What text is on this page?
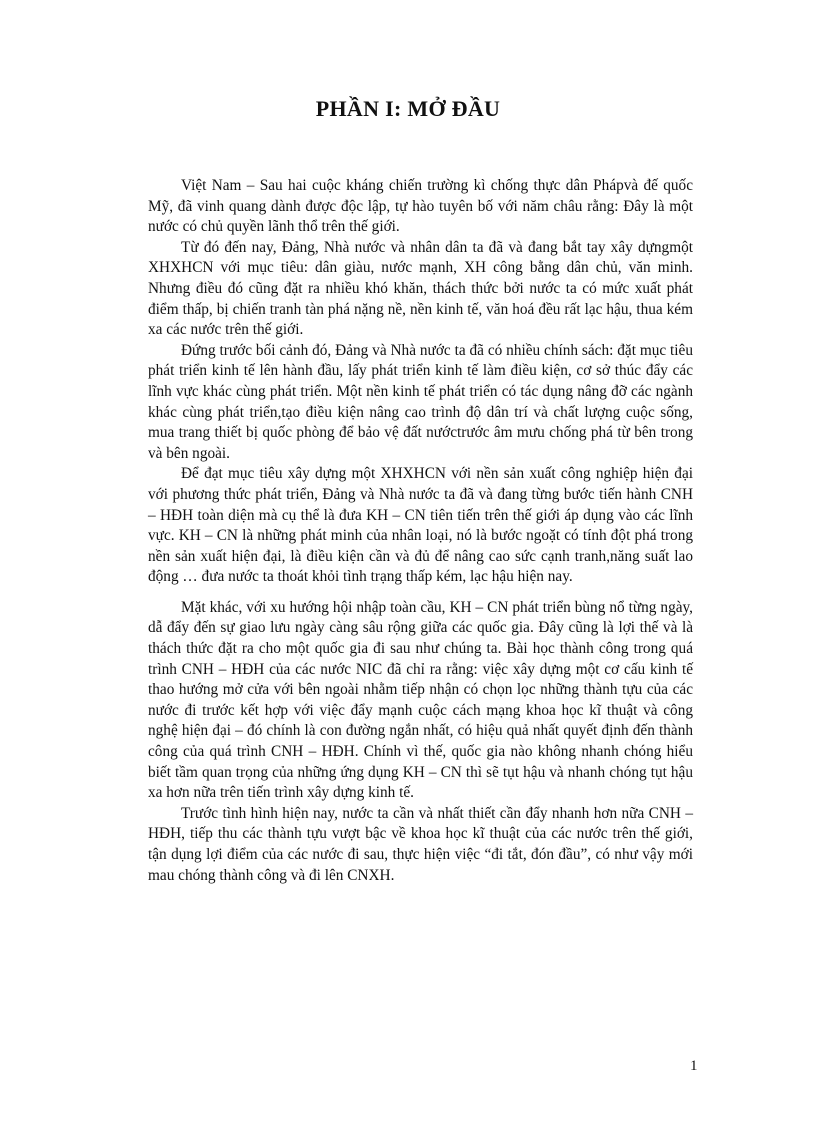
PHẦN I: MỞ ĐẦU

Việt Nam – Sau hai cuộc kháng chiến trường kì chống thực dân Phápvà đế quốc Mỹ, đã vinh quang dành được độc lập, tự hào tuyên bố với năm châu rằng: Đây là một nước có chủ quyền lãnh thổ trên thế giới.

Từ đó đến nay, Đảng, Nhà nước và nhân dân ta đã và đang bắt tay xây dựngmột XHXHCN với mục tiêu: dân giàu, nước mạnh, XH công bằng dân chủ, văn minh. Nhưng điều đó cũng đặt ra nhiều khó khăn, thách thức bởi nước ta có mức xuất phát điểm thấp, bị chiến tranh tàn phá nặng nề, nền kinh tế, văn hoá đều rất lạc hậu, thua kém xa các nước trên thế giới.

Đứng trước bối cảnh đó, Đảng và Nhà nước ta đã có nhiều chính sách: đặt mục tiêu phát triển kinh tế lên hành đầu, lấy phát triển kinh tế làm điều kiện, cơ sở thúc đẩy các lĩnh vực khác cùng phát triển. Một nền kinh tế phát triển có tác dụng nâng đỡ các ngành khác cùng phát triển,tạo điều kiện nâng cao trình độ dân trí và chất lượng cuộc sống, mua trang thiết bị quốc phòng để bảo vệ đất nướctrước âm mưu chống phá từ bên trong và bên ngoài.

Để đạt mục tiêu xây dựng một XHXHCN với nền sản xuất công nghiệp hiện đại với phương thức phát triển, Đảng và Nhà nước ta đã và đang từng bước tiến hành CNH – HĐH toàn diện mà cụ thể là đưa KH – CN tiên tiến trên thế giới áp dụng vào các lĩnh vực. KH – CN là những phát minh của nhân loại, nó là bước ngoặt có tính đột phá trong nền sản xuất hiện đại, là điều kiện cần và đủ để nâng cao sức cạnh tranh,năng suất lao động … đưa nước ta thoát khỏi tình trạng thấp kém, lạc hậu hiện nay.

Mặt khác, với xu hướng hội nhập toàn cầu, KH – CN phát triển bùng nổ từng ngày, dẫ đẩy đến sự giao lưu ngày càng sâu rộng giữa các quốc gia. Đây cũng là lợi thế và là thách thức đặt ra cho một quốc gia đi sau như chúng ta. Bài học thành công trong quá trình CNH – HĐH của các nước NIC đã chỉ ra rằng: việc xây dựng một cơ cấu kinh tế thao hướng mở cửa với bên ngoài nhằm tiếp nhận có chọn lọc những thành tựu của các nước đi trước kết hợp với việc đẩy mạnh cuộc cách mạng khoa học kĩ thuật và công nghệ hiện đại – đó chính là con đường ngắn nhất, có hiệu quả nhất quyết định đến thành công của quá trình CNH – HĐH. Chính vì thế, quốc gia nào không nhanh chóng hiểu biết tầm quan trọng của những ứng dụng KH – CN thì sẽ tụt hậu và nhanh chóng tụt hậu xa hơn nữa trên tiến trình xây dựng kinh tế.

Trước tình hình hiện nay, nước ta cần và nhất thiết cần đẩy nhanh hơn nữa CNH – HĐH, tiếp thu các thành tựu vượt bậc về khoa học kĩ thuật của các nước trên thế giới, tận dụng lợi điểm của các nước đi sau, thực hiện việc “đi tắt, đón đầu”, có như vậy mới mau chóng thành công và đi lên CNXH.

1
